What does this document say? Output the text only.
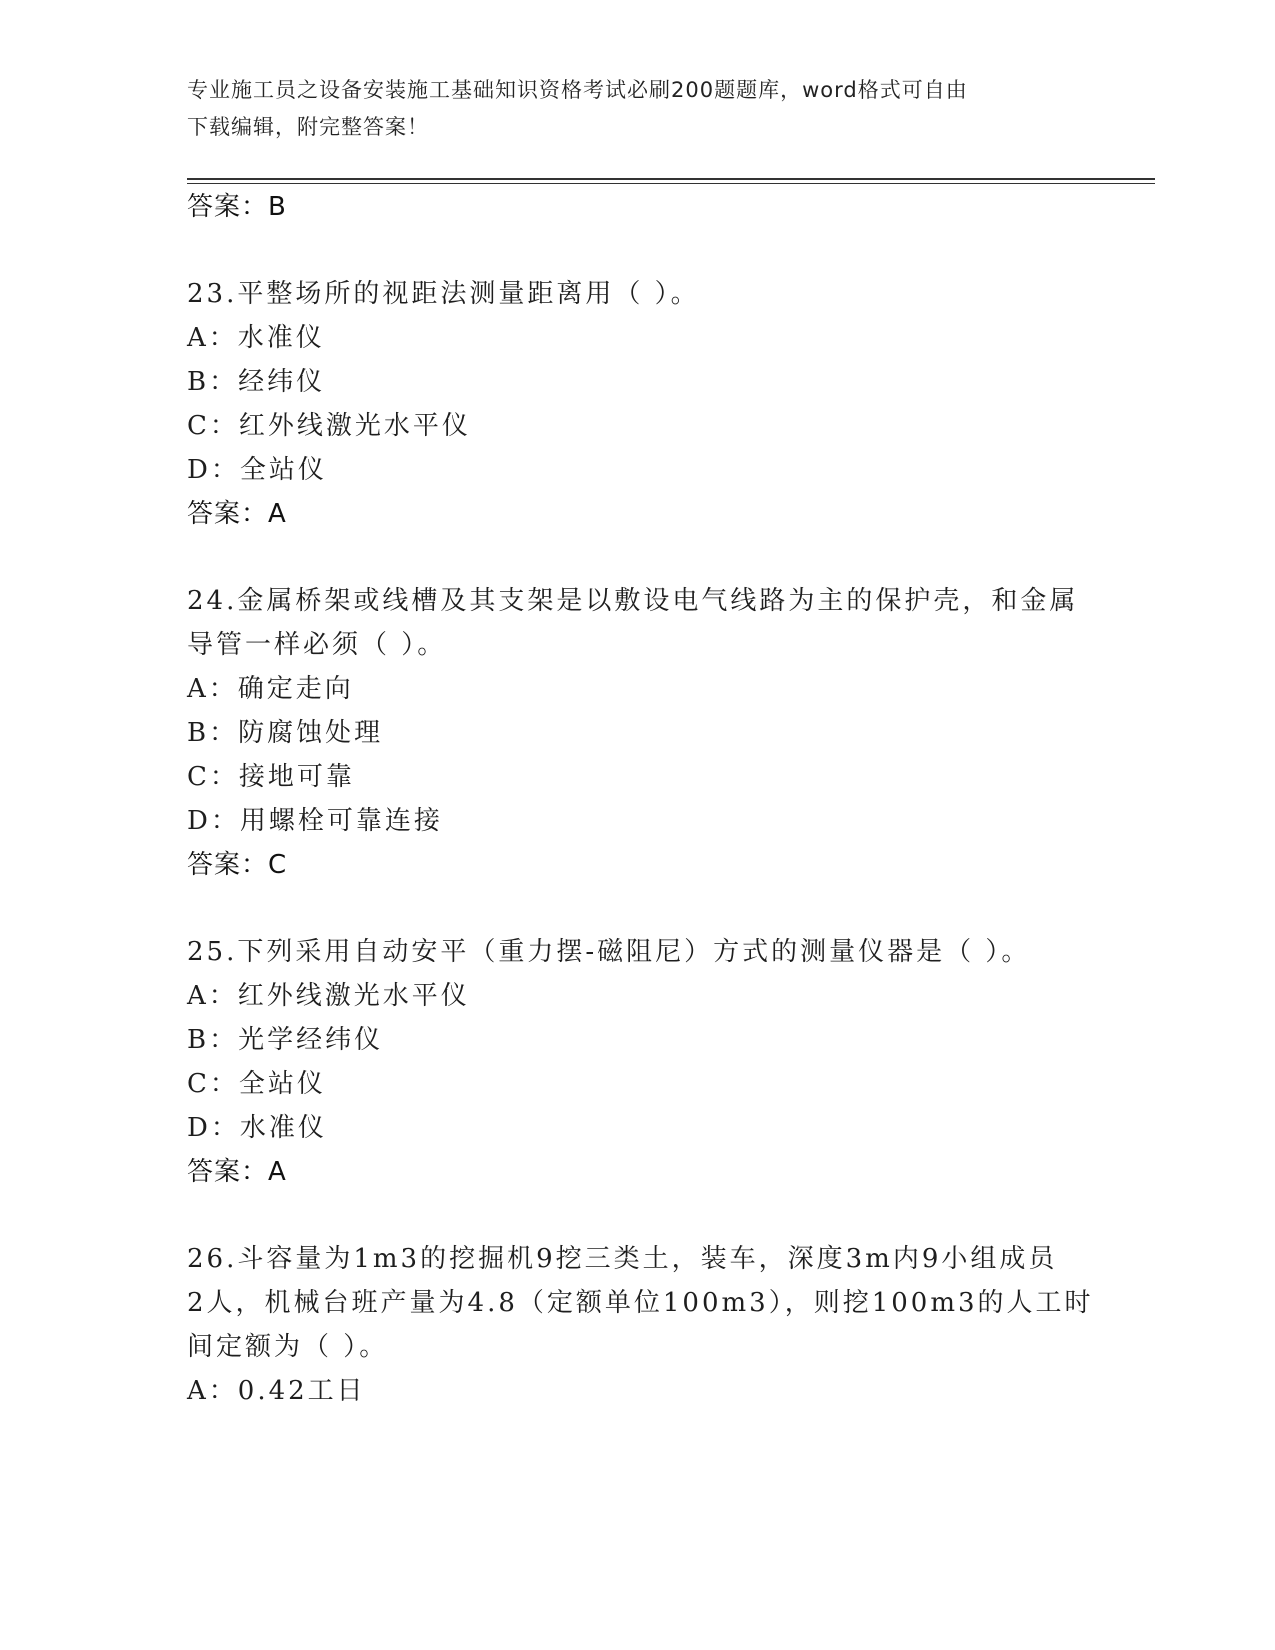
专业施工员之设备安装施工基础知识资格考试必刷200题题库，word格式可自由
下载编辑，附完整答案！
答案：B
23.平整场所的视距法测量距离用（ ）。
A：水准仪
B：经纬仪
C：红外线激光水平仪
D：全站仪
答案：A
24.金属桥架或线槽及其支架是以敷设电气线路为主的保护壳，和金属
导管一样必须（ ）。
A：确定走向
B：防腐蚀处理
C：接地可靠
D：用螺栓可靠连接
答案：C
25.下列采用自动安平（重力摆-磁阻尼）方式的测量仪器是（ ）。
A：红外线激光水平仪
B：光学经纬仪
C：全站仪
D：水准仪
答案：A
26.斗容量为1m3的挖掘机9挖三类土，装车，深度3m内9小组成员
2人，机械台班产量为4.8（定额单位100m3），则挖100m3的人工时
间定额为（ ）。
A：0.42工日
